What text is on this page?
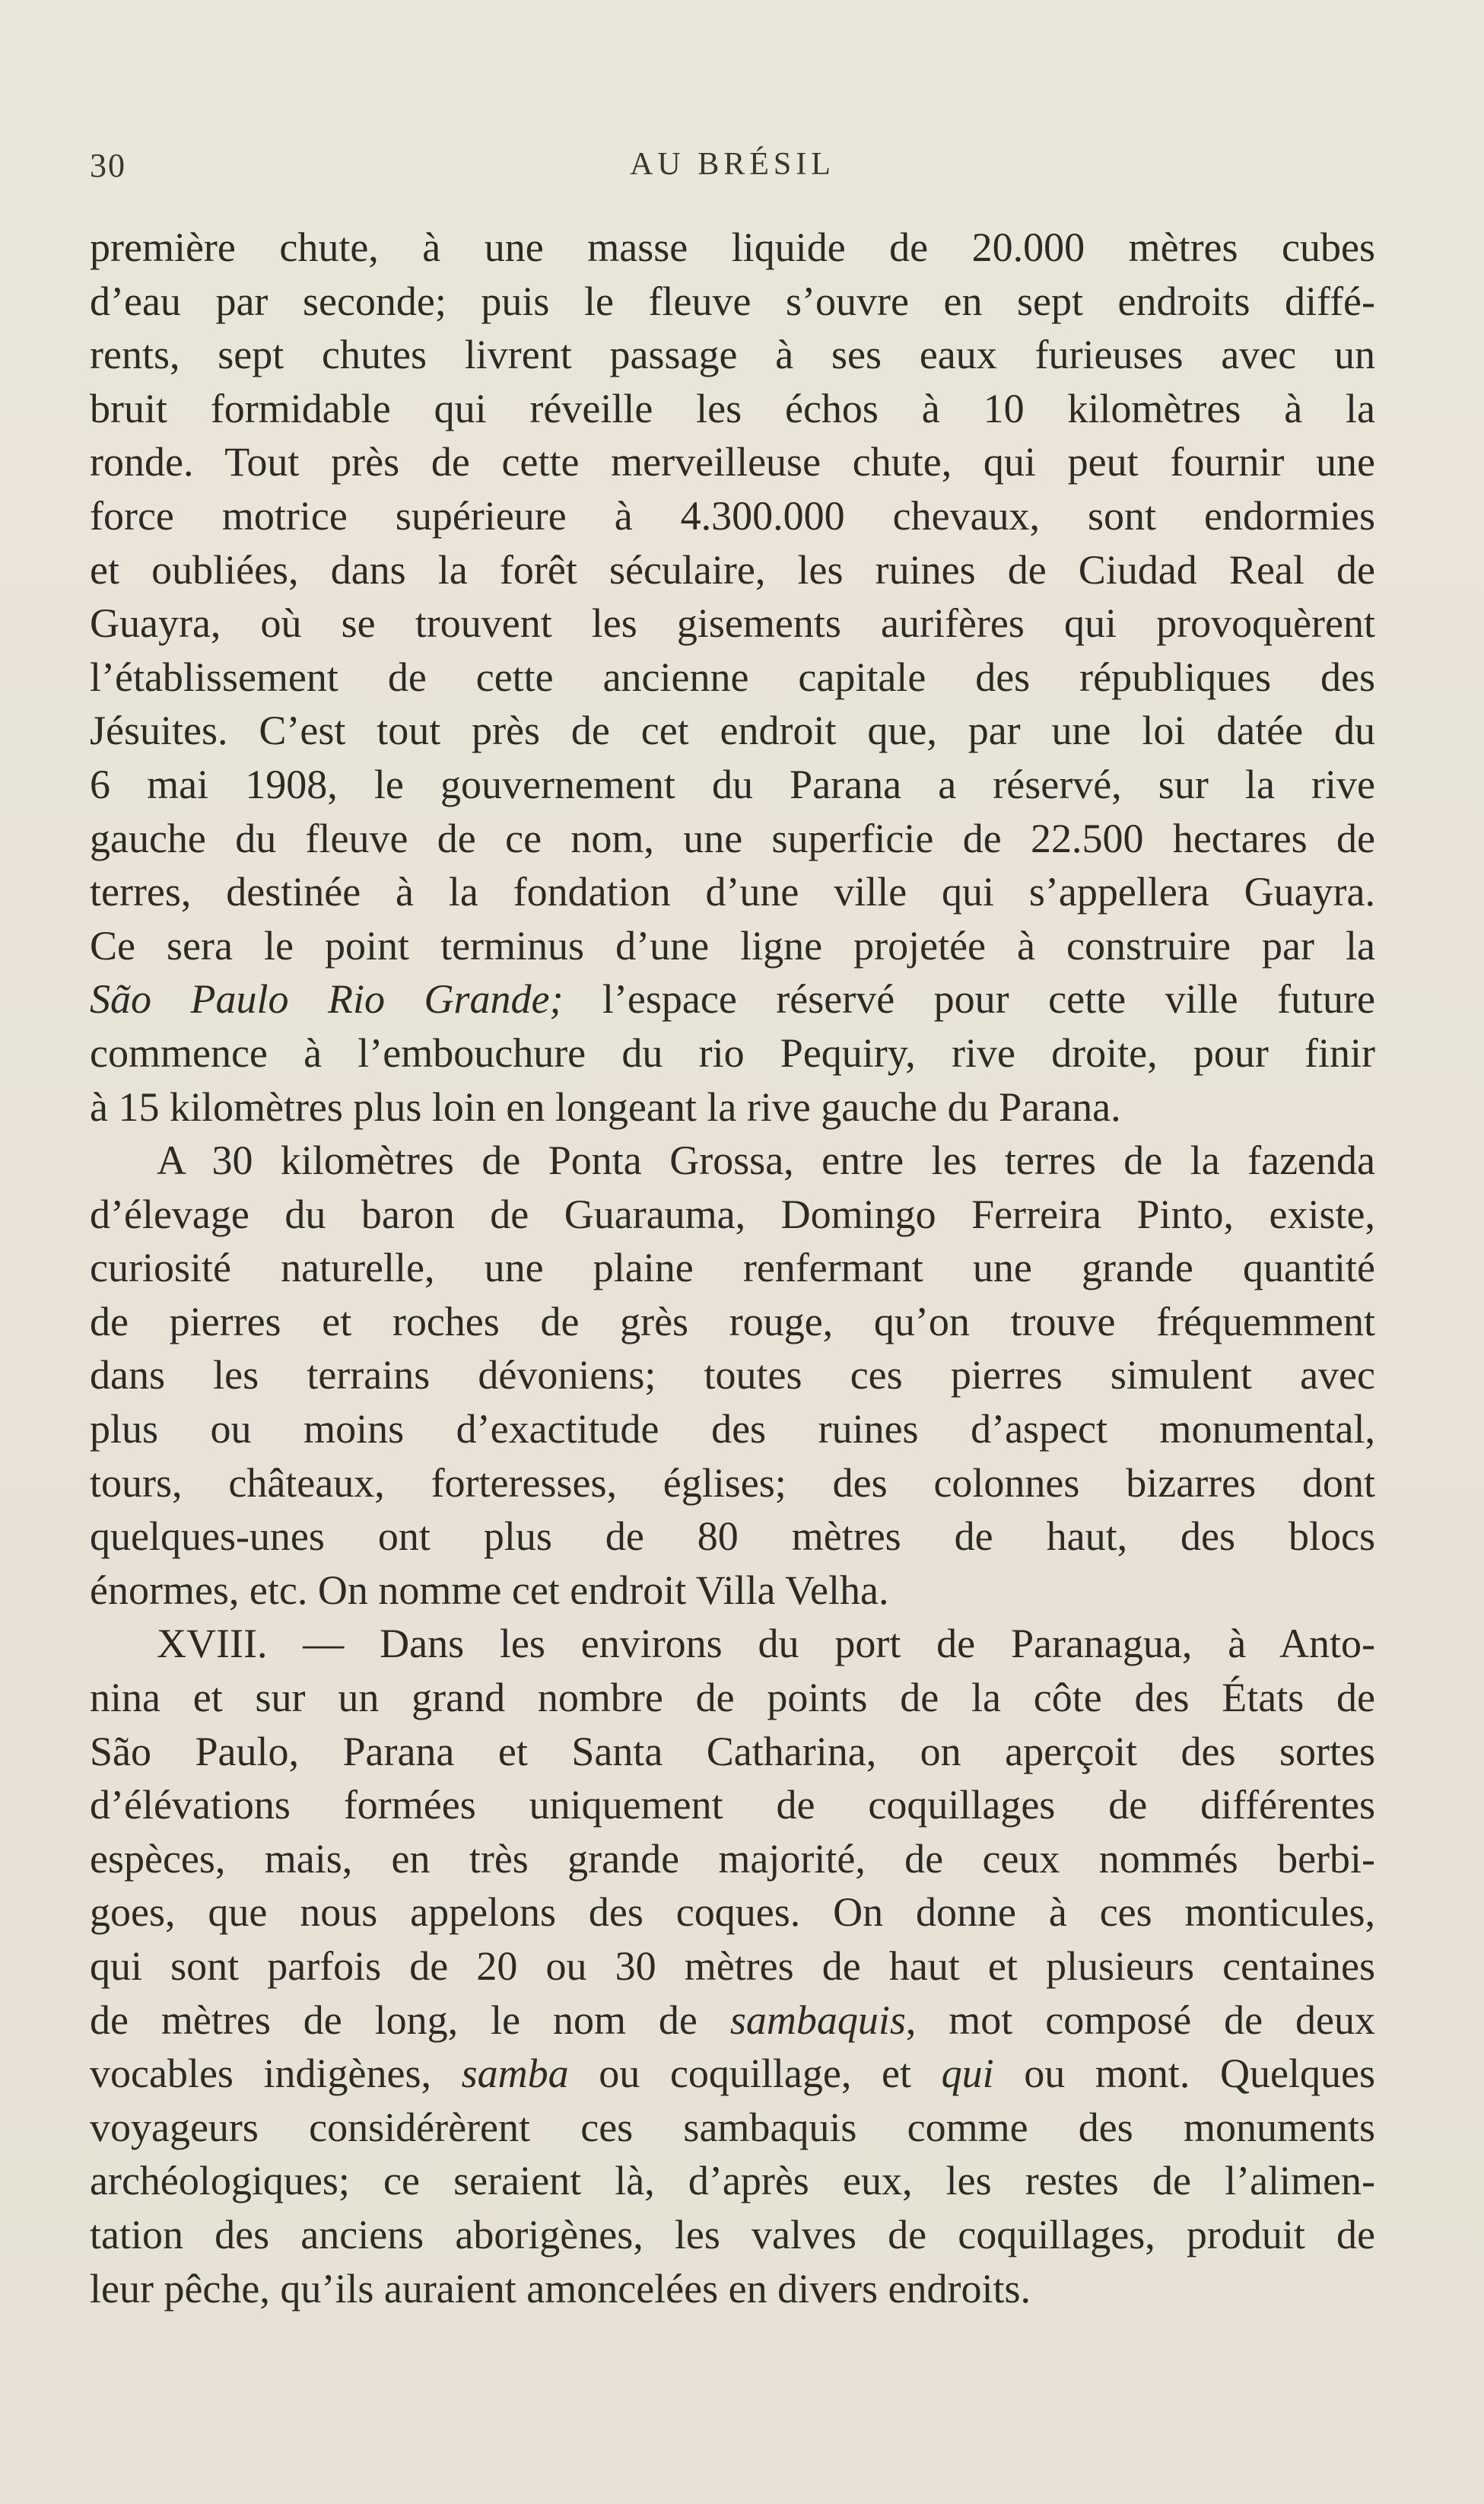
30	AU BRÉSIL

première chute, à une masse liquide de 20.000 mètres cubes
d’eau par seconde; puis le fleuve s’ouvre en sept endroits diffé-
rents, sept chutes livrent passage à ses eaux furieuses avec un
bruit formidable qui réveille les échos à 10 kilomètres à la
ronde. Tout près de cette merveilleuse chute, qui peut fournir une
force motrice supérieure à 4.300.000 chevaux, sont endormies
et oubliées, dans la forêt séculaire, les ruines de Ciudad Real de
Guayra, où se trouvent les gisements aurifères qui provoquèrent
l’établissement de cette ancienne capitale des républiques des
Jésuites. C’est tout près de cet endroit que, par une loi datée du
6 mai 1908, le gouvernement du Parana a réservé, sur la rive
gauche du fleuve de ce nom, une superficie de 22.500 hectares de
terres, destinée à la fondation d’une ville qui s’appellera Guayra.
Ce sera le point terminus d’une ligne projetée à construire par la
São Paulo Rio Grande; l’espace réservé pour cette ville future
commence à l’embouchure du rio Pequiry, rive droite, pour finir
à 15 kilomètres plus loin en longeant la rive gauche du Parana.

A 30 kilomètres de Ponta Grossa, entre les terres de la fazenda
d’élevage du baron de Guarauma, Domingo Ferreira Pinto, existe,
curiosité naturelle, une plaine renfermant une grande quantité
de pierres et roches de grès rouge, qu’on trouve fréquemment
dans les terrains dévoniens; toutes ces pierres simulent avec
plus ou moins d’exactitude des ruines d’aspect monumental,
tours, châteaux, forteresses, églises; des colonnes bizarres dont
quelques-unes ont plus de 80 mètres de haut, des blocs
énormes, etc. On nomme cet endroit Villa Velha.

XVIII. — Dans les environs du port de Paranagua, à Anto-
nina et sur un grand nombre de points de la côte des États de
São Paulo, Parana et Santa Catharina, on aperçoit des sortes
d’élévations formées uniquement de coquillages de différentes
espèces, mais, en très grande majorité, de ceux nommés berbi-
goes, que nous appelons des coques. On donne à ces monticules,
qui sont parfois de 20 ou 30 mètres de haut et plusieurs centaines
de mètres de long, le nom de sambaquis, mot composé de deux
vocables indigènes, samba ou coquillage, et qui ou mont. Quelques
voyageurs considérèrent ces sambaquis comme des monuments
archéologiques; ce seraient là, d’après eux, les restes de l’alimen-
tation des anciens aborigènes, les valves de coquillages, produit de
leur pêche, qu’ils auraient amoncelées en divers endroits.
